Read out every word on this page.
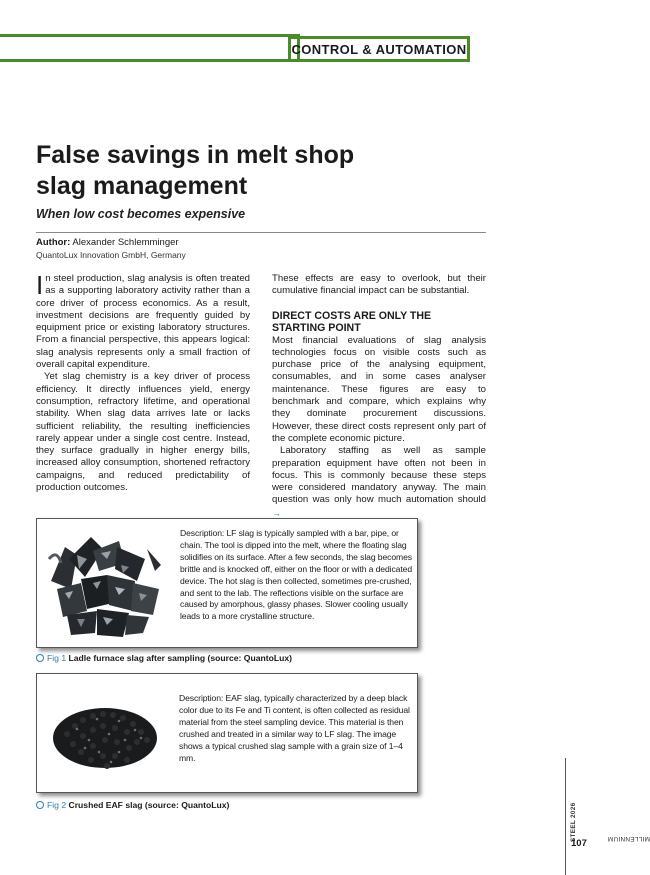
CONTROL & AUTOMATION
False savings in melt shop
slag management
When low cost becomes expensive
Author: Alexander Schlemminger
QuantoLux Innovation GmbH, Germany

In steel production, slag analysis is often treated as a supporting laboratory activity rather than a core driver of process economics. As a result, investment decisions are frequently guided by equipment price or existing laboratory structures. From a financial perspective, this appears logical: slag analysis represents only a small fraction of overall capital expenditure.

Yet slag chemistry is a key driver of process efficiency. It directly influences yield, energy consumption, refractory lifetime, and operational stability. When slag data arrives late or lacks sufficient reliability, the resulting inefficiencies rarely appear under a single cost centre. Instead, they surface gradually in higher energy bills, increased alloy consumption, shortened refractory campaigns, and reduced predictability of production outcomes.

These effects are easy to overlook, but their cumulative financial impact can be substantial.

DIRECT COSTS ARE ONLY THE STARTING POINT

Most financial evaluations of slag analysis technologies focus on visible costs such as purchase price of the analysing equipment, consumables, and in some cases analyser maintenance. These figures are easy to benchmark and compare, which explains why they dominate procurement discussions. However, these direct costs represent only part of the complete economic picture.

Laboratory staffing as well as sample preparation equipment have often not been in focus. This is commonly because these steps were considered mandatory anyway. The main question was only how much automation should →

Description: LF slag is typically sampled with a bar, pipe, or chain. The tool is dipped into the melt, where the floating slag solidifies on its surface. After a few seconds, the slag becomes brittle and is knocked off, either on the floor or with a dedicated device. The hot slag is then collected, sometimes pre-crushed, and sent to the lab. The reflections visible on the surface are caused by amorphous, glassy phases. Slower cooling usually leads to a more crystalline structure.
Fig 1 Ladle furnace slag after sampling (source: QuantoLux)
Description: EAF slag, typically characterized by a deep black color due to its Fe and Ti content, is often collected as residual material from the steel sampling device. This material is then crushed and treated in a similar way to LF slag. The image shows a typical crushed slag sample with a grain size of 1–4 mm.
Fig 2 Crushed EAF slag (source: QuantoLux)
MILLENNIUM
STEEL 2026
107
